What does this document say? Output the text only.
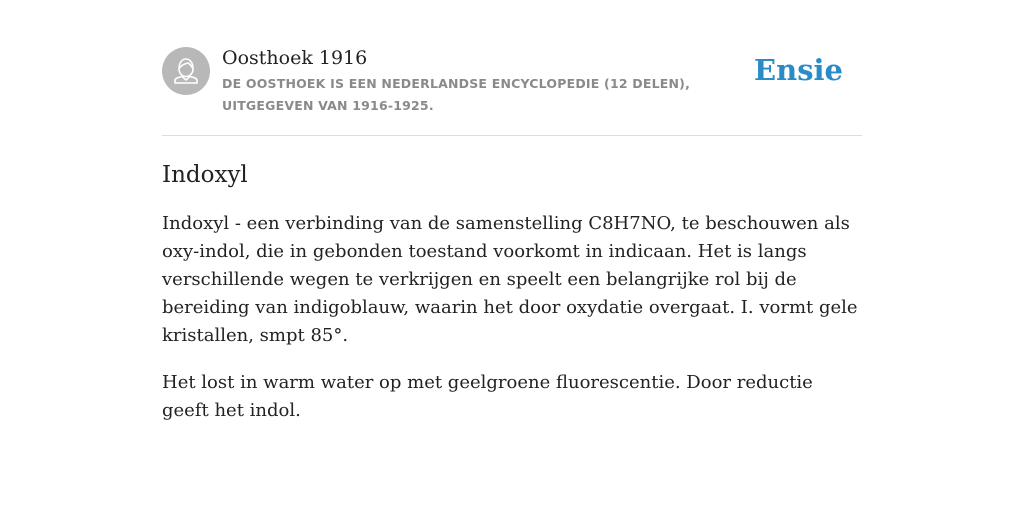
Oosthoek 1916
DE OOSTHOEK IS EEN NEDERLANDSE ENCYCLOPEDIE (12 DELEN), UITGEGEVEN VAN 1916-1925.
Ensie
Indoxyl

Indoxyl - een verbinding van de samenstelling C8H7NO, te beschouwen als oxy-indol, die in gebonden toestand voorkomt in indicaan. Het is langs verschillende wegen te verkrijgen en speelt een belangrijke rol bij de bereiding van indigoblauw, waarin het door oxydatie overgaat. I. vormt gele kristallen, smpt 85°.

Het lost in warm water op met geelgroene fluorescentie. Door reductie geeft het indol.
